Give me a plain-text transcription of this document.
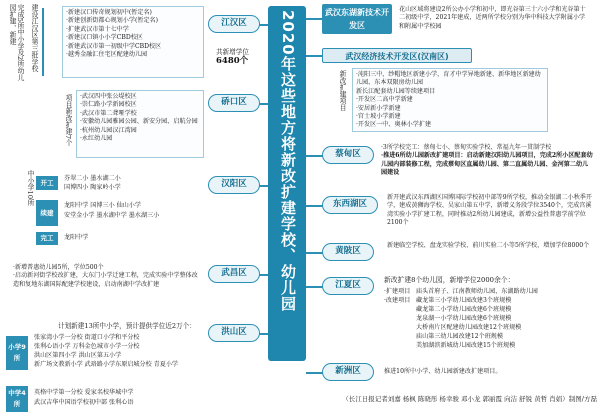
2020年这些地方将新改扩建学校、幼儿园
江汉区
·新建汉口传奇规划初中(暂定名)
·新建创新街都心规划小学(暂定名)
·扩建武汉市第十七中学
·新建汉口镇小小学CBD校区
·新建武汉市第一初级中学CBD校区
·越秀金融汇住宅区配建幼儿园
完成5所中小学及2所幼儿园扩建、新建	建设江汉区第三批学校	共新增学位
6480个
硚口区
·武汉四中张公堤校区
·崇仁路小学新园校区
·武汉市第二聋哑学校
·安徽幼儿园雅园公园、新安分园、启航分园
·杭州幼儿园汉江湾园
·永红幼儿园
项目新改扩建7个
汉阳区
中小学10所	开工
芬翠二小 墨水湖二小
国博四小 陶家岭小学
续建
龙阳中学 国博三小 仙山小学
安堂金小学 墨水湖中学 墨水湖三小
完工	龙阳中学
武昌区
·新增普惠幼儿园5所，学位500个
·启动新河街学校改扩建，大东门小学迁建工程，完成实验中学整体改造和复地东湖国际配建学校建设，启动南湖中学改扩建
洪山区
计划新建13所中小学，预计提供学位近2万个：
小学9所
张家湾小学一分校 街道口小学和平分校
张利心语小学 万科金色城市小学一分校
洪山区第四小学 洪山区第五小学
新广场文教新小学 武珞路小学东原启城分校 青夏小学
中学4所
英格中学第一分校 爱家名校华城中学
武汉吉华中国语学校初中部 张利心语
武汉东湖新技术开发区
花山区域将建设2所公办小学和初中，即光谷第三十六小学和光谷第十二初级中学，2021年建成，近两所学校分别为华中科技大学附属小学和附属中学校园
武汉经济技术开发区(汉南区)
新改扩建项目 ·沌阳三中、纱帽地区新建小学，育才中学异地新建、新华地区新建幼儿园、东本双限房幼儿园
新长江配套幼儿园等续建项目
·开发区二高中学新建
·安居新小学新建
·宫士坡小学新建
·开发区一中、奥林小学扩建
蔡甸区
·3所学校完工：蔡甸七小、蔡甸实验学校、常福九年一贯制学校
·推进6所幼儿园新改扩建项目：启动新建汉阳幼儿园项目，完成2所小区配套幼儿园内部装修工程，完成蔡甸区直属幼儿园、第二直属幼儿园、金河第二幼儿园建设
东西湖区
新开建武汉东西湖区国博国际学校初中部等9所学校，推动金银湖二小秋季开学，建成黄狮海学校、吴家山第五中学，新增义务段学位3540个，完成宫溪湾实验小学扩建工程，同时推动2所幼儿园建成，新增公益性普惠学前学位2100个
黄陂区
新建临空学校、盘龙实验学校、前川实验二小等5所学校，增加学位8000个
江夏区	新改扩建8个幼儿园，新增学位2000余个：
·扩建项目 庙头首府子、江南教师幼儿园、东湖路幼儿园
·改建项目 藏龙第三小学幼儿园改建3个班规模
藏龙第二小学幼儿园改建6个班规模
龙泉湖一小学幼儿园改建6个班规模
大桥南片区配建幼儿园改建12个班规模
庙山第三幼儿园改建12个班规模
美加湖滨新城幼儿园改建15个班规模
新洲区	推进10所中小学、幼儿园新建改扩建项目。
（长江日报记者刘嘉 杨枫 陈晓彤 杨幸骏 邓小龙 郭丽霞 向洁 舒锐 黄哲 肖娟）制图/方磊
